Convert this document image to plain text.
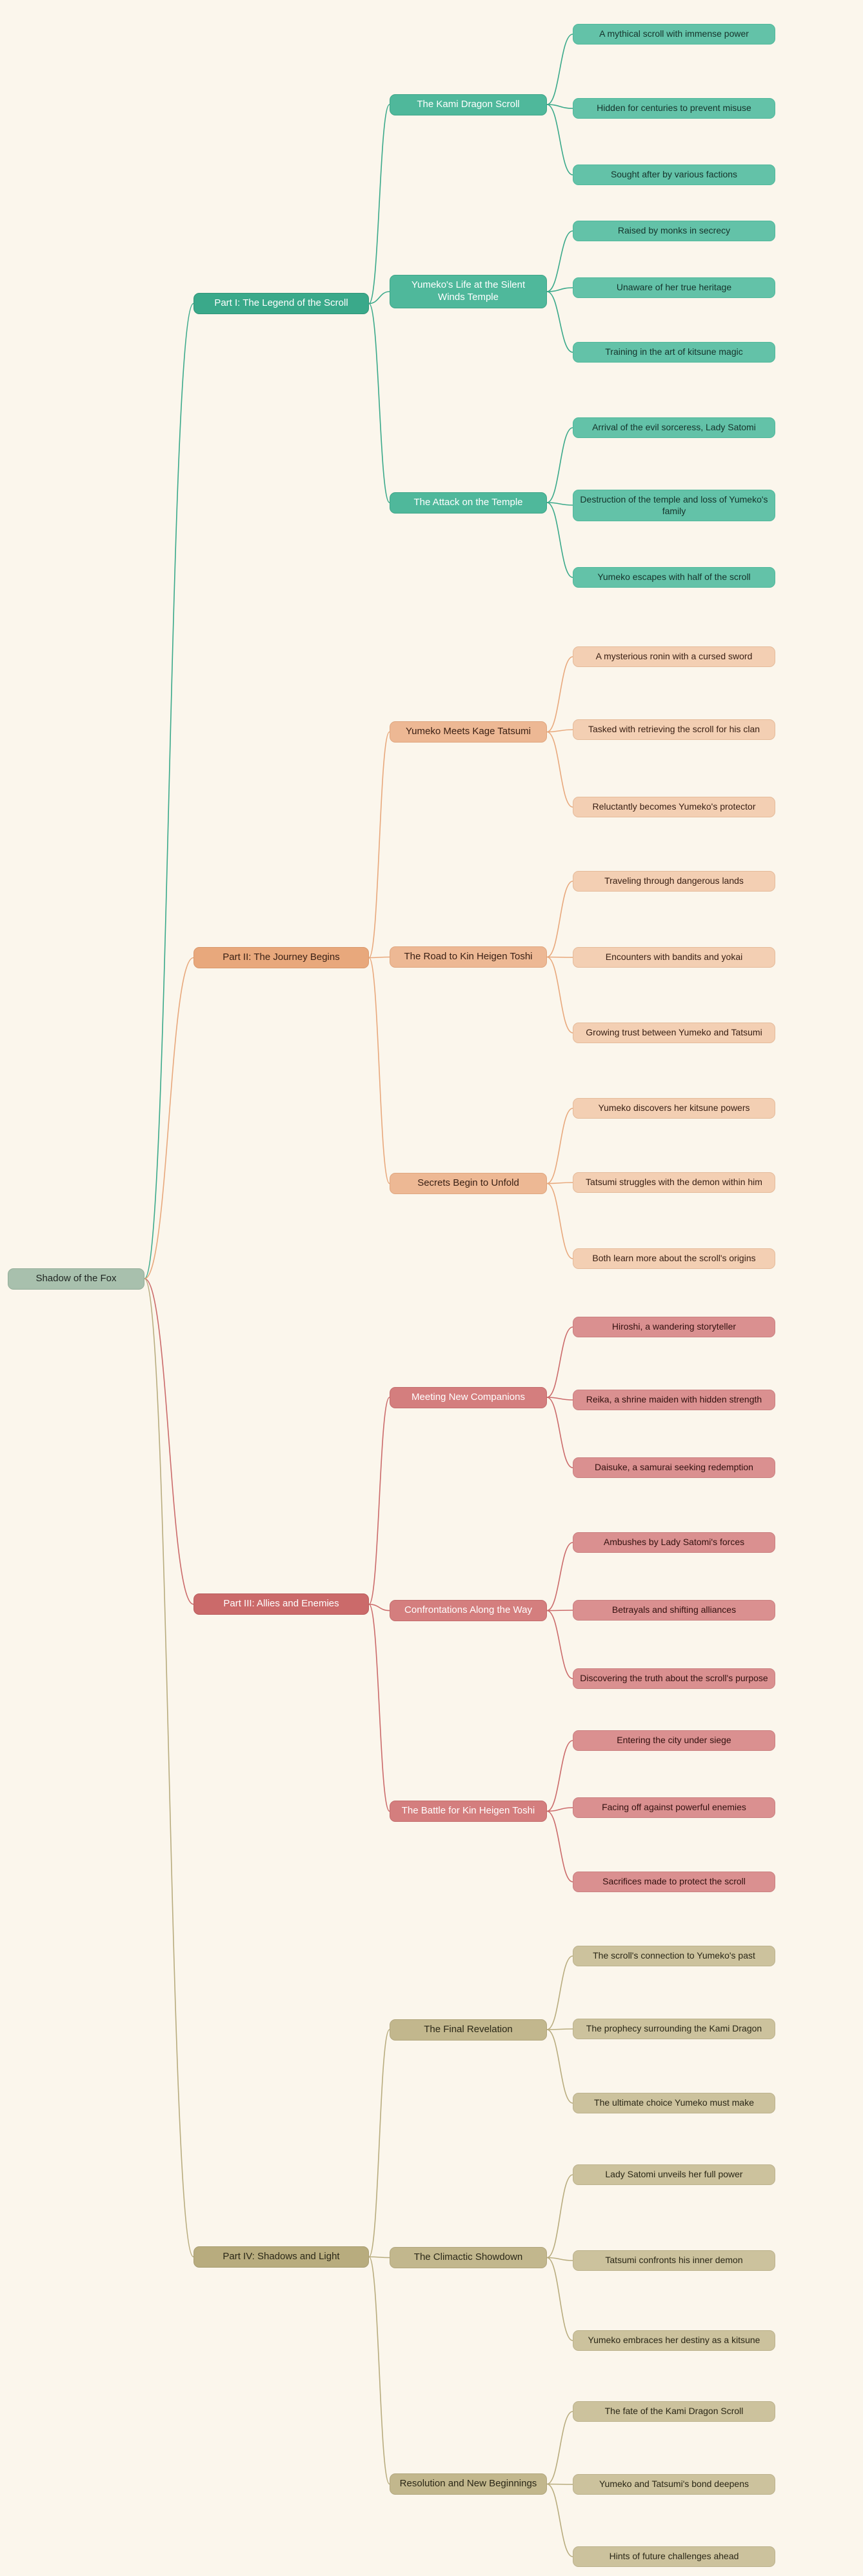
A mythical scroll with immense power
Hidden for centuries to prevent misuse
Sought after by various factions
The Kami Dragon Scroll
Raised by monks in secrecy
Unaware of her true heritage
Training in the art of kitsune magic
Yumeko's Life at the Silent Winds Temple
Arrival of the evil sorceress, Lady Satomi
Destruction of the temple and loss of Yumeko's family
Yumeko escapes with half of the scroll
The Attack on the Temple
Part I: The Legend of the Scroll
A mysterious ronin with a cursed sword
Tasked with retrieving the scroll for his clan
Reluctantly becomes Yumeko's protector
Yumeko Meets Kage Tatsumi
Traveling through dangerous lands
Encounters with bandits and yokai
Growing trust between Yumeko and Tatsumi
The Road to Kin Heigen Toshi
Yumeko discovers her kitsune powers
Tatsumi struggles with the demon within him
Both learn more about the scroll's origins
Secrets Begin to Unfold
Part II: The Journey Begins
Hiroshi, a wandering storyteller
Reika, a shrine maiden with hidden strength
Daisuke, a samurai seeking redemption
Meeting New Companions
Ambushes by Lady Satomi's forces
Betrayals and shifting alliances
Discovering the truth about the scroll's purpose
Confrontations Along the Way
Entering the city under siege
Facing off against powerful enemies
Sacrifices made to protect the scroll
The Battle for Kin Heigen Toshi
Part III: Allies and Enemies
The scroll's connection to Yumeko's past
The prophecy surrounding the Kami Dragon
The ultimate choice Yumeko must make
The Final Revelation
Lady Satomi unveils her full power
Tatsumi confronts his inner demon
Yumeko embraces her destiny as a kitsune
The Climactic Showdown
The fate of the Kami Dragon Scroll
Yumeko and Tatsumi's bond deepens
Hints of future challenges ahead
Resolution and New Beginnings
Part IV: Shadows and Light
Shadow of the Fox
